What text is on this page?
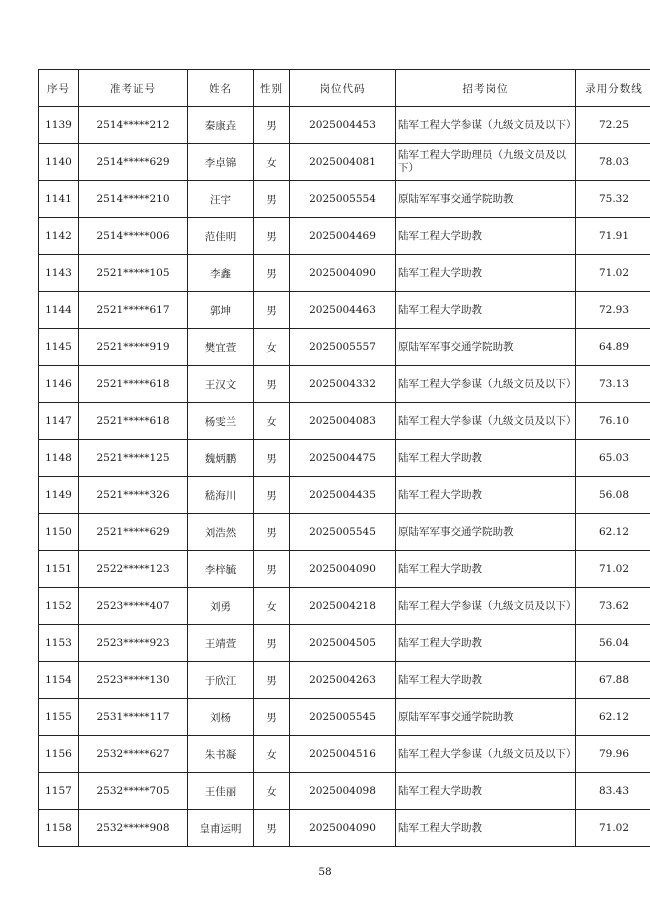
序号	准考证号	姓名	性别	岗位代码	招考岗位	录用分数线
1139	2514*****212	秦康垚	男	2025004453	陆军工程大学参谋（九级文员及以下）	72.25
1140	2514*****629	李卓锦	女	2025004081	陆军工程大学助理员（九级文员及以下）	78.03
1141	2514*****210	汪宇	男	2025005554	原陆军军事交通学院助教	75.32
1142	2514*****006	范佳明	男	2025004469	陆军工程大学助教	71.91
1143	2521*****105	李鑫	男	2025004090	陆军工程大学助教	71.02
1144	2521*****617	郭坤	男	2025004463	陆军工程大学助教	72.93
1145	2521*****919	樊宜萱	女	2025005557	原陆军军事交通学院助教	64.89
1146	2521*****618	王汉文	男	2025004332	陆军工程大学参谋（九级文员及以下）	73.13
1147	2521*****618	杨雯兰	女	2025004083	陆军工程大学参谋（九级文员及以下）	76.10
1148	2521*****125	魏炳鹏	男	2025004475	陆军工程大学助教	65.03
1149	2521*****326	嵇海川	男	2025004435	陆军工程大学助教	56.08
1150	2521*****629	刘浩然	男	2025005545	原陆军军事交通学院助教	62.12
1151	2522*****123	李梓毓	男	2025004090	陆军工程大学助教	71.02
1152	2523*****407	刘勇	女	2025004218	陆军工程大学参谋（九级文员及以下）	73.62
1153	2523*****923	王靖萱	男	2025004505	陆军工程大学助教	56.04
1154	2523*****130	于欣江	男	2025004263	陆军工程大学助教	67.88
1155	2531*****117	刘杨	男	2025005545	原陆军军事交通学院助教	62.12
1156	2532*****627	朱书凝	女	2025004516	陆军工程大学参谋（九级文员及以下）	79.96
1157	2532*****705	王佳丽	女	2025004098	陆军工程大学助教	83.43
1158	2532*****908	皇甫运明	男	2025004090	陆军工程大学助教	71.02
58
